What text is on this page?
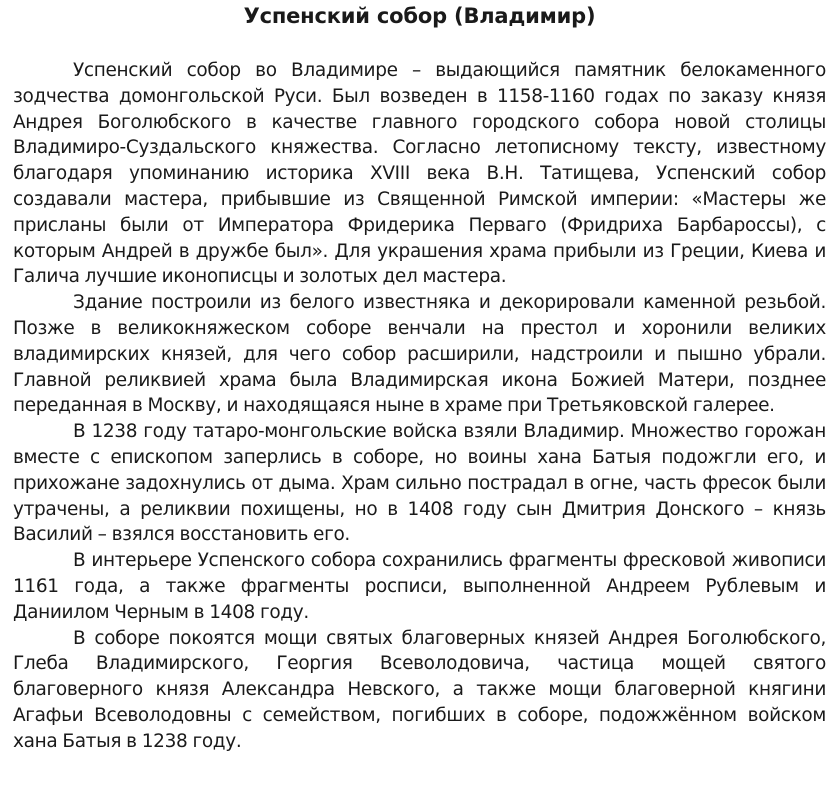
Успенский собор (Владимир)

Успенский собор во Владимире – выдающийся памятник белокаменного зодчества домонгольской Руси. Был возведен в 1158-1160 годах по заказу князя Андрея Боголюбского в качестве главного городского собора новой столицы Владимиро-Суздальского княжества. Согласно летописному тексту, известному благодаря упоминанию историка XVIII века В.Н. Татищева, Успенский собор создавали мастера, прибывшие из Священной Римской империи: «Мастеры же присланы были от Императора Фридерика Перваго (Фридриха Барбароссы), с которым Андрей в дружбе был». Для украшения храма прибыли из Греции, Киева и Галича лучшие иконописцы и золотых дел мастера.

Здание построили из белого известняка и декорировали каменной резьбой. Позже в великокняжеском соборе венчали на престол и хоронили великих владимирских князей, для чего собор расширили, надстроили и пышно убрали. Главной реликвией храма была Владимирская икона Божией Матери, позднее переданная в Москву, и находящаяся ныне в храме при Третьяковской галерее.

В 1238 году татаро-монгольские войска взяли Владимир. Множество горожан вместе с епископом заперлись в соборе, но воины хана Батыя подожгли его, и прихожане задохнулись от дыма. Храм сильно пострадал в огне, часть фресок были утрачены, а реликвии похищены, но в 1408 году сын Дмитрия Донского – князь Василий – взялся восстановить его.

В интерьере Успенского собора сохранились фрагменты фресковой живописи 1161 года, а также фрагменты росписи, выполненной Андреем Рублевым и Даниилом Черным в 1408 году.

В соборе покоятся мощи святых благоверных князей Андрея Боголюбского, Глеба Владимирского, Георгия Всеволодовича, частица мощей святого благоверного князя Александра Невского, а также мощи благоверной княгини Агафьи Всеволодовны с семейством, погибших в соборе, подожжённом войском хана Батыя в 1238 году.
